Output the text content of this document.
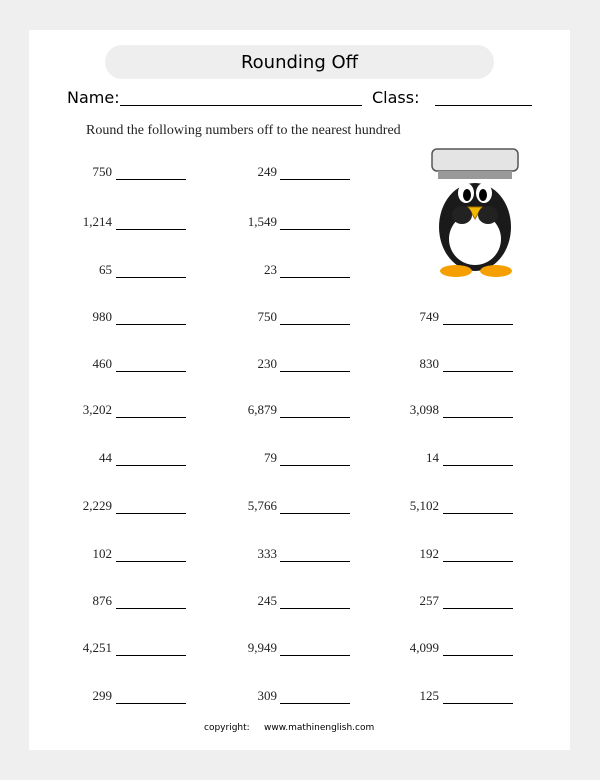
Rounding Off
Name:	Class:
Round the following numbers off to the nearest hundred
750
1,214
65
980
460
3,202
44
2,229
102
876
4,251
299
249
1,549
23
750
230
6,879
79
5,766
333
245
9,949
309
749
830
3,098
14
5,102
192
257
4,099
125
copyright: www.mathinenglish.com
